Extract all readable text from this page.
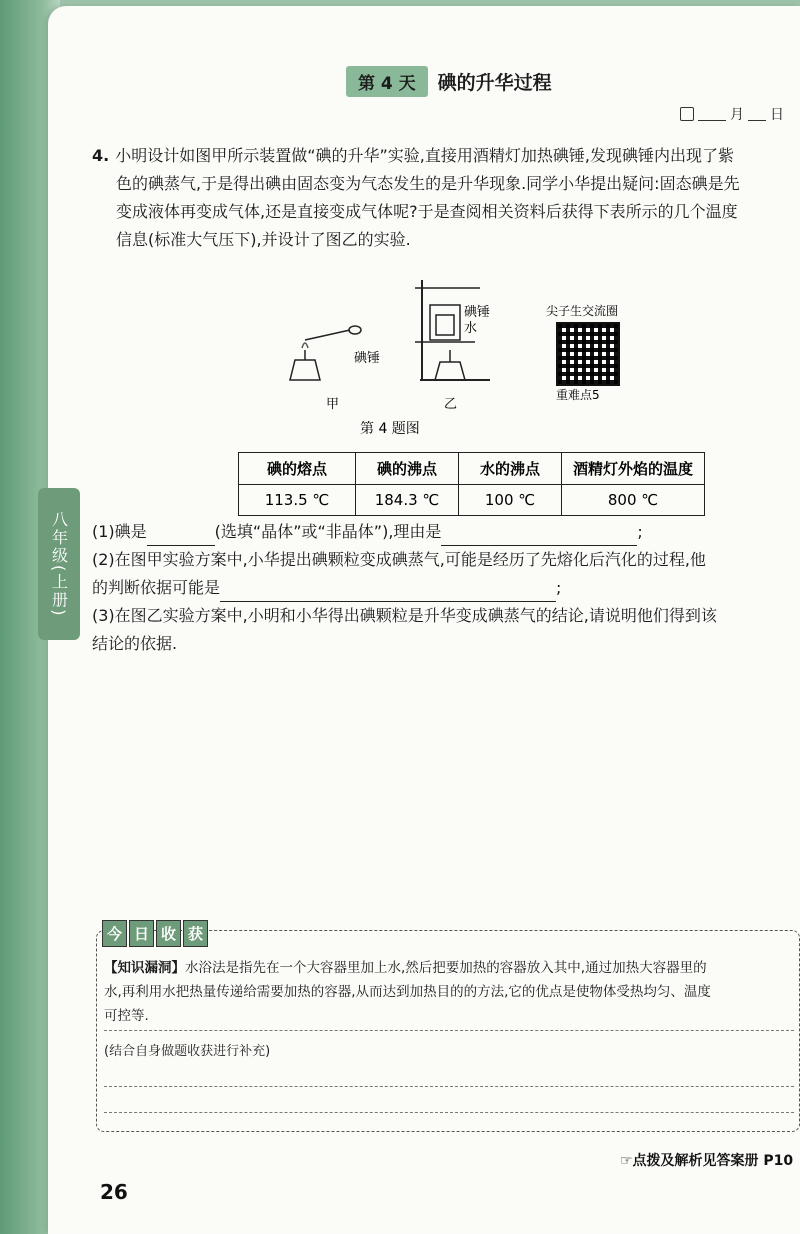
八年级(上册)
第 4 天	碘的升华过程
月 日
4. 小明设计如图甲所示装置做“碘的升华”实验,直接用酒精灯加热碘锤,发现碘锤内出现了紫
色的碘蒸气,于是得出碘由固态变为气态发生的是升华现象.同学小华提出疑问:固态碘是先
变成液体再变成气体,还是直接变成气体呢?于是查阅相关资料后获得下表所示的几个温度
信息(标准大气压下),并设计了图乙的实验.
碘锤
碘锤
水
甲	乙
尖子生交流圈
重难点5
第 4 题图
碘的熔点	碘的沸点	水的沸点	酒精灯外焰的温度
113.5 ℃	184.3 ℃	100 ℃	800 ℃
(1)碘是	(选填“晶体”或“非晶体”),理由是	;
(2)在图甲实验方案中,小华提出碘颗粒变成碘蒸气,可能是经历了先熔化后汽化的过程,他
的判断依据可能是	;
(3)在图乙实验方案中,小明和小华得出碘颗粒是升华变成碘蒸气的结论,请说明他们得到该
结论的依据.
今 日 收 获
【知识漏洞】水浴法是指先在一个大容器里加上水,然后把要加热的容器放入其中,通过加热大容器里的
水,再利用水把热量传递给需要加热的容器,从而达到加热目的的方法,它的优点是使物体受热均匀、温度
可控等.
(结合自身做题收获进行补充)
☞点拨及解析见答案册 P10
26
